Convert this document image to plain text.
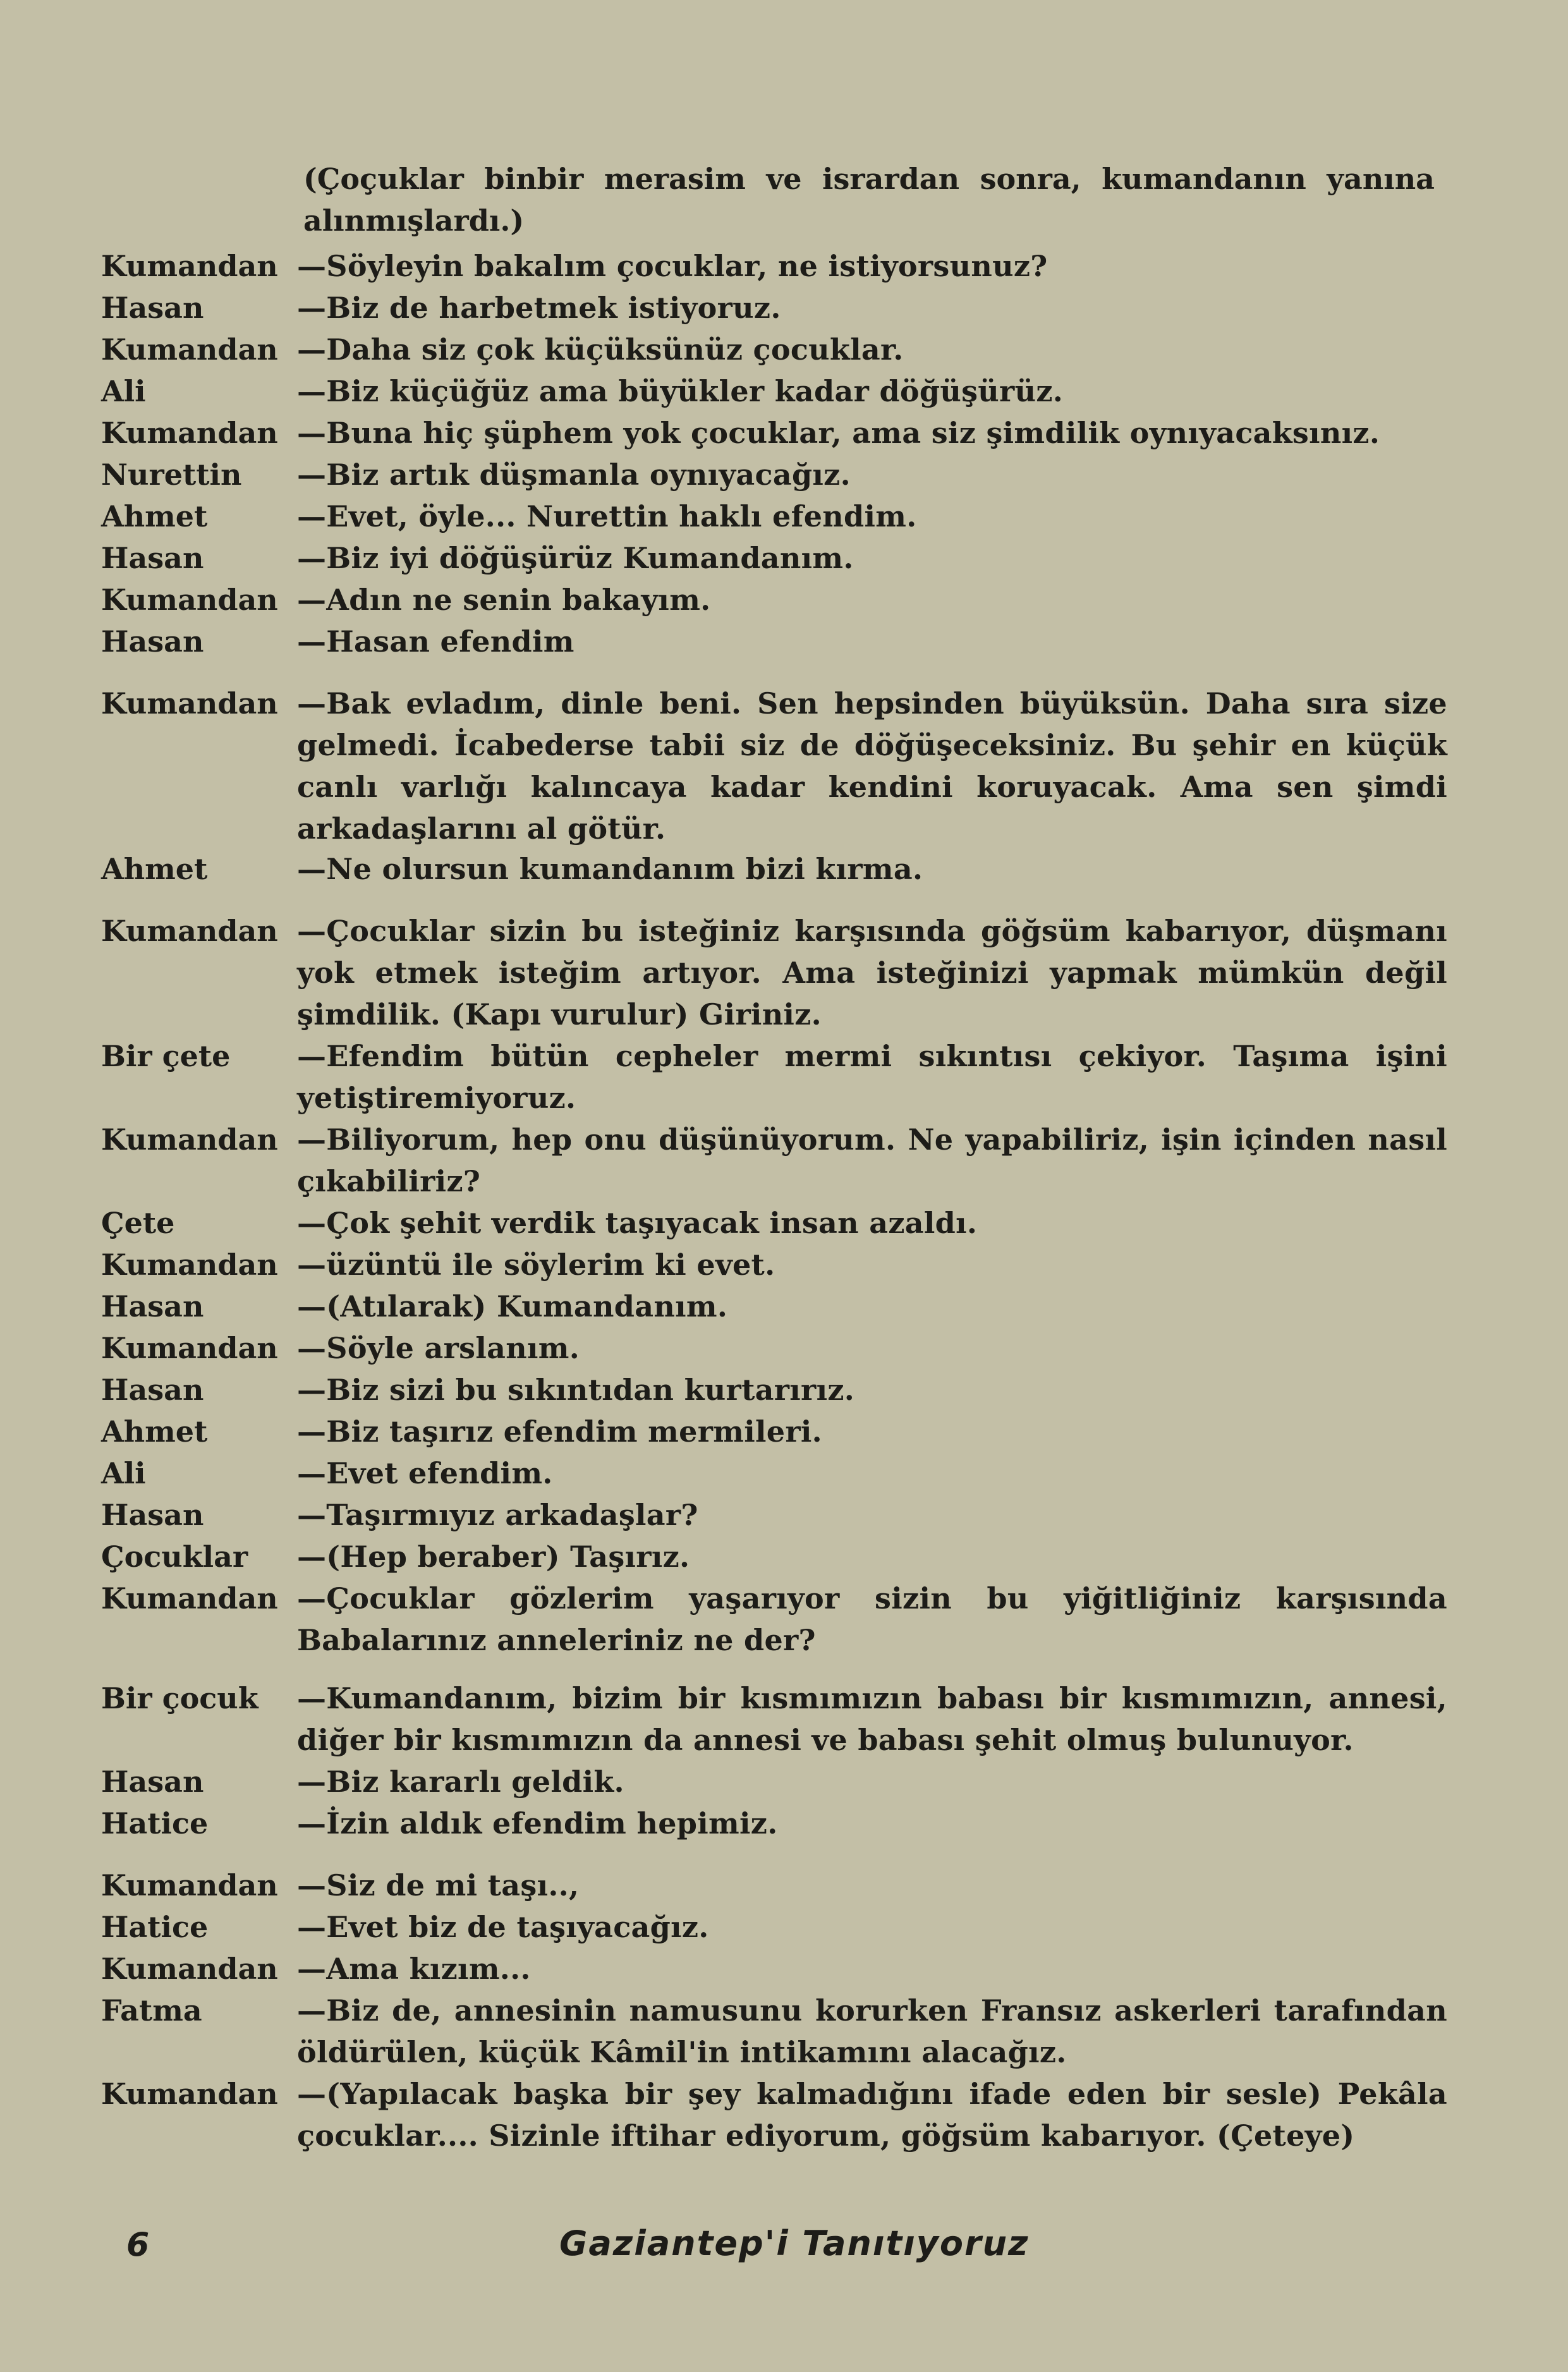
(Çoçuklar binbir merasim ve isrardan sonra, kumandanın yanına alınmışlardı.)
Kumandan —Söyleyin bakalım çocuklar, ne istiyorsunuz?
Hasan	—Biz de harbetmek istiyoruz.
Kumandan —Daha siz çok küçüksünüz çocuklar.
Ali	—Biz küçüğüz ama büyükler kadar döğüşürüz.
Kumandan —Buna hiç şüphem yok çocuklar, ama siz şimdilik oynıyacaksınız.
Nurettin	—Biz artık düşmanla oynıyacağız.
Ahmet	—Evet, öyle... Nurettin haklı efendim.
Hasan	—Biz iyi döğüşürüz Kumandanım.
Kumandan —Adın ne senin bakayım.
Hasan	—Hasan efendim
Kumandan —Bak evladım, dinle beni. Sen hepsinden büyüksün. Daha sıra size gelmedi. İcabederse tabii siz de döğüşeceksiniz. Bu şehir en küçük canlı varlığı kalıncaya kadar kendini koruyacak. Ama sen şimdi arkadaşlarını al götür.
Ahmet	—Ne olursun kumandanım bizi kırma.
Kumandan —Çocuklar sizin bu isteğiniz karşısında göğsüm kabarıyor, düşmanı yok etmek isteğim artıyor. Ama isteğinizi yapmak mümkün değil şimdilik. (Kapı vurulur) Giriniz.
Bir çete	—Efendim bütün cepheler mermi sıkıntısı çekiyor. Taşıma işini yetiştiremiyoruz.
Kumandan —Biliyorum, hep onu düşünüyorum. Ne yapabiliriz, işin içinden nasıl çıkabiliriz?
Çete	—Çok şehit verdik taşıyacak insan azaldı.
Kumandan —üzüntü ile söylerim ki evet.
Hasan	—(Atılarak) Kumandanım.
Kumandan —Söyle arslanım.
Hasan	—Biz sizi bu sıkıntıdan kurtarırız.
Ahmet	—Biz taşırız efendim mermileri.
Ali	—Evet efendim.
Hasan	—Taşırmıyız arkadaşlar?
Çocuklar	—(Hep beraber) Taşırız.
Kumandan —Çocuklar gözlerim yaşarıyor sizin bu yiğitliğiniz karşısında Babalarınız anneleriniz ne der?
Bir çocuk	—Kumandanım, bizim bir kısmımızın babası bir kısmımızın, annesi, diğer bir kısmımızın da annesi ve babası şehit olmuş bulunuyor.
Hasan	—Biz kararlı geldik.
Hatice	—İzin aldık efendim hepimiz.
Kumandan —Siz de mi taşı..,
Hatice	—Evet biz de taşıyacağız.
Kumandan —Ama kızım...
Fatma	—Biz de, annesinin namusunu korurken Fransız askerleri tarafından öldürülen, küçük Kâmil'in intikamını alacağız.
Kumandan —(Yapılacak başka bir şey kalmadığını ifade eden bir sesle) Pekâla çocuklar.... Sizinle iftihar ediyorum, göğsüm kabarıyor. (Çeteye)
6	Gaziantep'i Tanıtıyoruz
